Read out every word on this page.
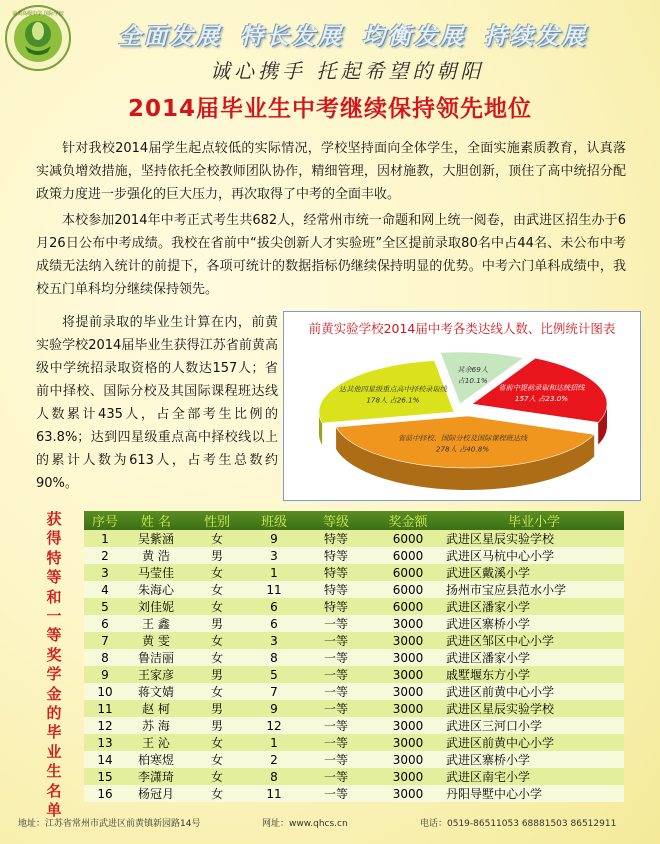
前黄高级中学 国际学校
全面发展 特长发展 均衡发展 持续发展
诚心携手 托起希望的朝阳
2014届毕业生中考继续保持领先地位
针对我校2014届学生起点较低的实际情况，学校坚持面向全体学生，全面实施素质教育，认真落实减负增效措施，坚持依托全校教师团队协作，精细管理，因材施教，大胆创新，顶住了高中统招分配政策力度进一步强化的巨大压力，再次取得了中考的全面丰收。
本校参加2014年中考正式考生共682人，经常州市统一命题和网上统一阅卷，由武进区招生办于6月26日公布中考成绩。我校在省前中“拔尖创新人才实验班”全区提前录取80名中占44名、未公布中考成绩无法纳入统计的前提下，各项可统计的数据指标仍继续保持明显的优势。中考六门单科成绩中，我校五门单科均分继续保持领先。
将提前录取的毕业生计算在内，前黄实验学校2014届毕业生获得江苏省前黄高级中学统招录取资格的人数达157人；省前中择校、国际分校及其国际课程班达线人数累计435人，占全部考生比例的63.8%；达到四星级重点高中择校线以上的累计人数为613人，占考生总数约90%。
前黄实验学校2014届中考各类达线人数、比例统计图表
省前中提前录取和达统招线
157人 占23.0%
省前中择校、国际分校及国际课程班达线
278人 占40.8%
达其他四星级重点高中择校录取线
178人 占26.1%
其余69人
占10.1%
获得特等和一等奖学金的毕业生名单
序号	姓 名	性别	班级	等级	奖金额	毕业小学
1	吴紫涵	女	9	特等	6000	武进区星辰实验学校
2	黄 浩	男	3	特等	6000	武进区马杭中心小学
3	马莹佳	女	1	特等	6000	武进区戴溪小学
4	朱海心	女	11	特等	6000	扬州市宝应县范水小学
5	刘佳妮	女	6	特等	6000	武进区潘家小学
6	王 鑫	男	6	一等	3000	武进区寨桥小学
7	黄 雯	女	3	一等	3000	武进区邹区中心小学
8	鲁洁丽	女	8	一等	3000	武进区潘家小学
9	王家彦	男	5	一等	3000	戚墅堰东方小学
10	蒋文婧	女	7	一等	3000	武进区前黄中心小学
11	赵 柯	男	9	一等	3000	武进区星辰实验学校
12	苏 海	男	12	一等	3000	武进区三河口小学
13	王 沁	女	1	一等	3000	武进区前黄中心小学
14	柏寒煜	女	2	一等	3000	武进区寨桥小学
15	李潇琦	女	8	一等	3000	武进区南宅小学
16	杨冠月	女	11	一等	3000	丹阳导墅中心小学
地址：江苏省常州市武进区前黄镇新园路14号	网址：www.qhcs.cn	电话：0519-86511053 68881503 86512911
